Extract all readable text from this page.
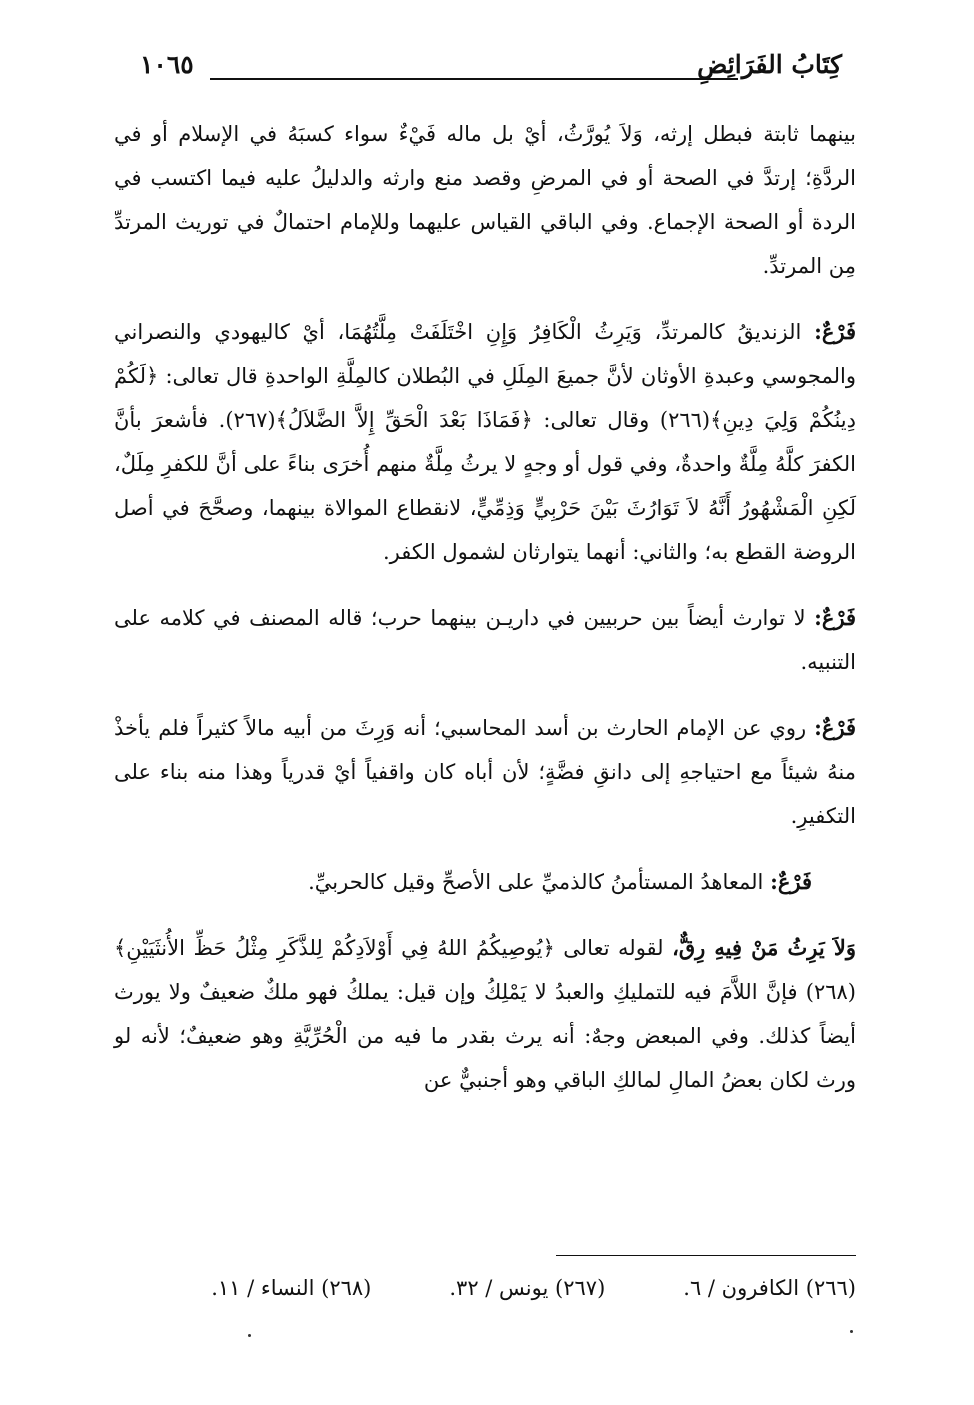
كِتَابُ الفَرَائِضِ
١٠٦٥

بينهما ثابتة فبطل إرثه، وَلاَ يُورَّثُ، أيْ بل ماله فَيْءٌ سواء كسبَهُ في الإسلام أو في الردَّةِ؛ إرتدَّ في الصحة أو في المرضِ وقصد منع وارثه والدليلُ عليه فيما اكتسب في الردة أو الصحة الإجماع. وفي الباقي القياس عليهما وللإمام احتمالٌ في توريث المرتدِّ مِن المرتدِّ.

فَرْعٌ: الزنديقُ كالمرتدِّ، وَيَرِثُ الْكَافِرُ وَإِنِ اخْتَلَفَتْ مِلَّتُهُمَا، أيْ كاليهودي والنصراني والمجوسي وعبدةِ الأوثان لأنَّ جميعَ المِلَلِ في البُطلان كالمِلَّةِ الواحدةِ قال تعالى: ﴿لَكُمْ دِينُكُمْ وَلِيَ دِينِ﴾(٢٦٦) وقال تعالى: ﴿فَمَاذَا بَعْدَ الْحَقِّ إِلاَّ الضَّلاَلُ﴾(٢٦٧). فأشعرَ بأنَّ الكفرَ كلَّهُ مِلَّةٌ واحدةٌ، وفي قول أو وجهٍ لا يرثُ مِلَّةٌ منهم أُخرَى بناءً على أنَّ للكفرِ مِلَلٌ، لَكِنِ الْمَشْهُورُ أَنَّهُ لاَ تَوَارُثَ بَيْنَ حَرْبِيٍّ وَذِمِّيٍّ، لانقطاع الموالاة بينهما، وصحَّحَ في أصل الروضة القطع به؛ والثاني: أنهما يتوارثان لشمول الكفر.

فَرْعٌ: لا توارث أيضاً بين حربيين في داريـن بينهما حرب؛ قاله المصنف في كلامه على التنبيه.

فَرْعٌ: روي عن الإمام الحارث بن أسد المحاسبي؛ أنه وَرِثَ من أبيه مالاً كثيراً فلم يأخذْ منهُ شيئاً مع احتياجهِ إلى دانقِ فضَّةٍ؛ لأن أباه كان واقفياً أيْ قدرياً وهذا منه بناء على التكفيرِ.

فَرْعٌ: المعاهدُ المستأمنُ كالذميِّ على الأصحِّ وقيل كالحربيِّ.

وَلاَ يَرِثُ مَنْ فِيهِ رِقٌّ، لقوله تعالى ﴿يُوصِيكُمُ اللهُ فِي أَوْلاَدِكُمْ لِلذَّكَرِ مِثْلُ حَظِّ الأُنثَيَيْنِ﴾(٢٦٨) فإنَّ اللاَّمَ فيه للتمليكِ والعبدُ لا يَمْلِكُ وإن قيل: يملكُ فهو ملكٌ ضعيفٌ ولا يورث أيضاً كذلك. وفي المبعض وجهٌ: أنه يرث بقدر ما فيه من الْحُرِّيَّةِ وهو ضعيفٌ؛ لأنه لو ورث لكان بعضُ المالِ لمالكِ الباقي وهو أجنبيٌّ عن

(٢٦٦) الكافرون / ٦.
(٢٦٧) يونس / ٣٢.
(٢٦٨) النساء / ١١.
